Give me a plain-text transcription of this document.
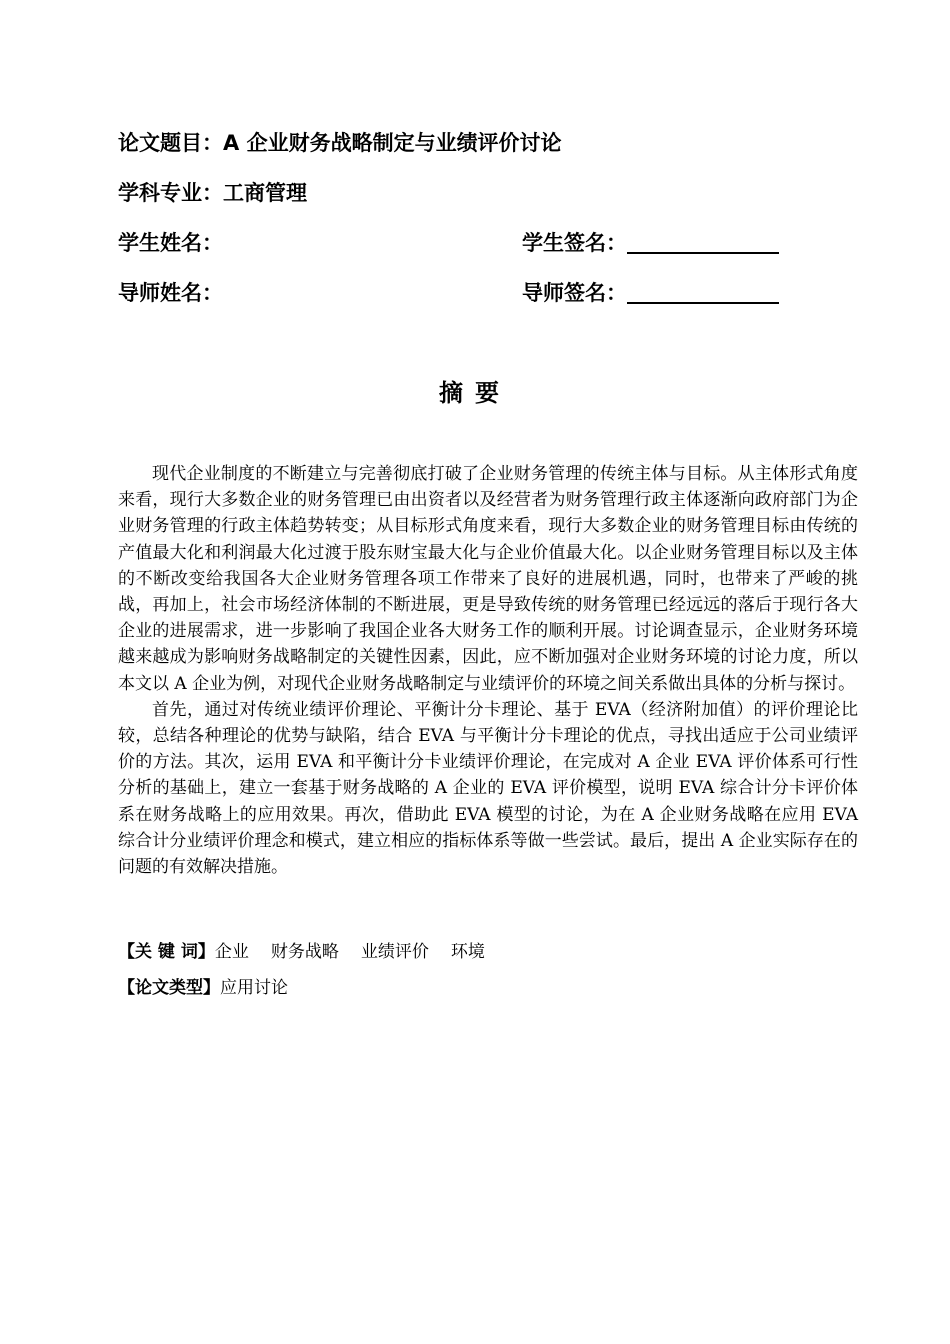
论文题目：A 企业财务战略制定与业绩评价讨论
学科专业：工商管理
学生姓名：	学生签名：
导师姓名：	导师签名：
摘要

现代企业制度的不断建立与完善彻底打破了企业财务管理的传统主体与目标。从主体形式角度来看，现行大多数企业的财务管理已由出资者以及经营者为财务管理行政主体逐渐向政府部门为企业财务管理的行政主体趋势转变；从目标形式角度来看，现行大多数企业的财务管理目标由传统的产值最大化和利润最大化过渡于股东财宝最大化与企业价值最大化。以企业财务管理目标以及主体的不断改变给我国各大企业财务管理各项工作带来了良好的进展机遇，同时，也带来了严峻的挑战，再加上，社会市场经济体制的不断进展，更是导致传统的财务管理已经远远的落后于现行各大企业的进展需求，进一步影响了我国企业各大财务工作的顺利开展。讨论调查显示，企业财务环境越来越成为影响财务战略制定的关键性因素，因此，应不断加强对企业财务环境的讨论力度，所以本文以 A 企业为例，对现代企业财务战略制定与业绩评价的环境之间关系做出具体的分析与探讨。

首先，通过对传统业绩评价理论、平衡计分卡理论、基于 EVA（经济附加值）的评价理论比较，总结各种理论的优势与缺陷，结合 EVA 与平衡计分卡理论的优点，寻找出适应于公司业绩评价的方法。其次，运用 EVA 和平衡计分卡业绩评价理论，在完成对 A 企业 EVA 评价体系可行性分析的基础上，建立一套基于财务战略的 A 企业的 EVA 评价模型，说明 EVA 综合计分卡评价体系在财务战略上的应用效果。再次，借助此 EVA 模型的讨论，为在 A 企业财务战略在应用 EVA 综合计分业绩评价理念和模式，建立相应的指标体系等做一些尝试。最后，提出 A 企业实际存在的问题的有效解决措施。

【关 键 词】企业 财务战略 业绩评价 环境
【论文类型】应用讨论
